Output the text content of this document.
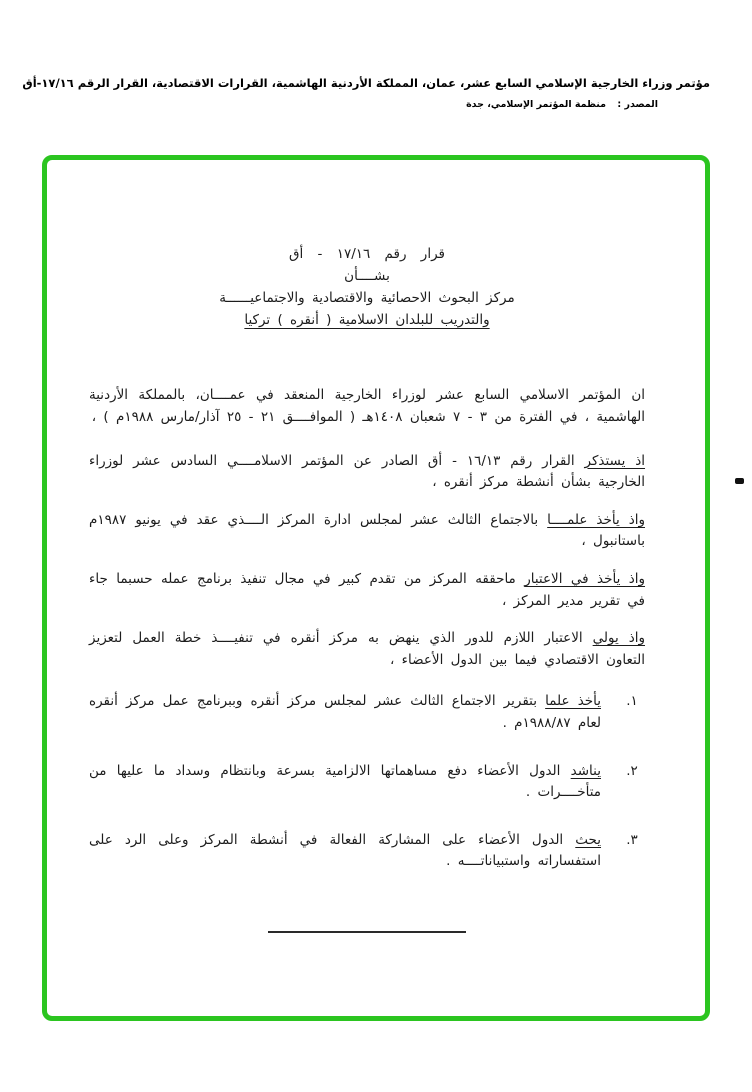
مؤتمر وزراء الخارجية الإسلامي السابع عشر، عمان، المملكة الأردنية الهاشمية، القرارات الاقتصادية، القرار الرقم ١٧/١٦-أق
المصدر : منظمة المؤتمر الإسلامي، جدة
قرار رقم ١٧/١٦ - أق
بشــــأن
مركز البحوث الاحصائية والاقتصادية والاجتماعيــــــة
والتدريب للبلدان الاسلامية ( أنقره ) تركيا

ان المؤتمر الاسلامي السابع عشر لوزراء الخارجية المنعقد في عمــــان، بالمملكة الأردنية الهاشمية ، في الفترة من ٣ - ٧ شعبان ١٤٠٨هـ ( الموافــــق ٢١ - ٢٥ آذار/مارس ١٩٨٨م ) ،

اذ يستذكر القرار رقم ١٦/١٣ - أق الصادر عن المؤتمر الاسلامــــي السادس عشر لوزراء الخارجية بشأن أنشطة مركز أنقره ،

واذ يأخذ علمــــا بالاجتماع الثالث عشر لمجلس ادارة المركز الــــذي عقد في يونيو ١٩٨٧م باستانبول ،

واذ يأخذ في الاعتبار ماحققه المركز من تقدم كبير في مجال تنفيذ برنامج عمله حسبما جاء في تقرير مدير المركز ،

واذ يولي الاعتبار اللازم للدور الذي ينهض به مركز أنقره في تنفيــــذ خطة العمل لتعزيز التعاون الاقتصادي فيما بين الدول الأعضاء ،

١.
يأخذ علما بتقرير الاجتماع الثالث عشر لمجلس مركز أنقره وببرنامج عمل مركز أنقره لعام ١٩٨٨/٨٧م .
٢.
يناشد الدول الأعضاء دفع مساهماتها الالزامية بسرعة وبانتظام وسداد ما عليها من متأخــــرات .
٣.
يحث الدول الأعضاء على المشاركة الفعالة في أنشطة المركز وعلى الرد على استفساراته واستبياناتــــه .
